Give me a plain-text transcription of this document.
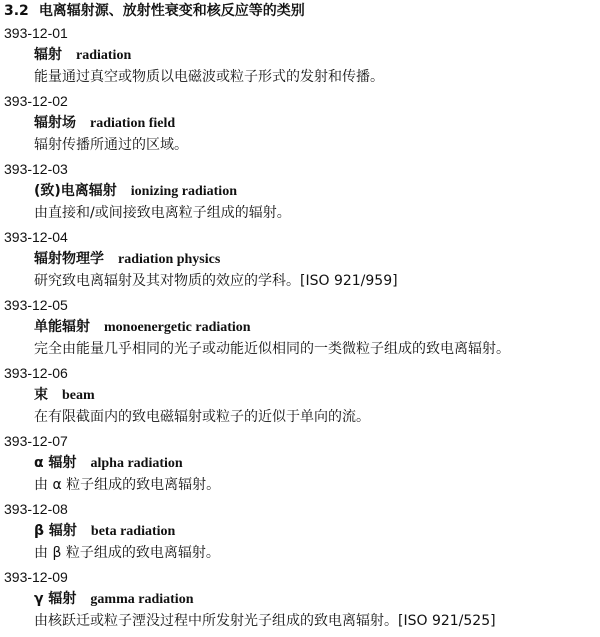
3.2 电离辐射源、放射性衰变和核反应等的类别
393-12-01
辐射 radiation
能量通过真空或物质以电磁波或粒子形式的发射和传播。
393-12-02
辐射场 radiation field
辐射传播所通过的区域。
393-12-03
(致)电离辐射 ionizing radiation
由直接和/或间接致电离粒子组成的辐射。
393-12-04
辐射物理学 radiation physics
研究致电离辐射及其对物质的效应的学科。[ISO 921/959]
393-12-05
单能辐射 monoenergetic radiation
完全由能量几乎相同的光子或动能近似相同的一类微粒子组成的致电离辐射。
393-12-06
束 beam
在有限截面内的致电磁辐射或粒子的近似于单向的流。
393-12-07
α 辐射 alpha radiation
由 α 粒子组成的致电离辐射。
393-12-08
β 辐射 beta radiation
由 β 粒子组成的致电离辐射。
393-12-09
γ 辐射 gamma radiation
由核跃迁或粒子湮没过程中所发射光子组成的致电离辐射。[ISO 921/525]
